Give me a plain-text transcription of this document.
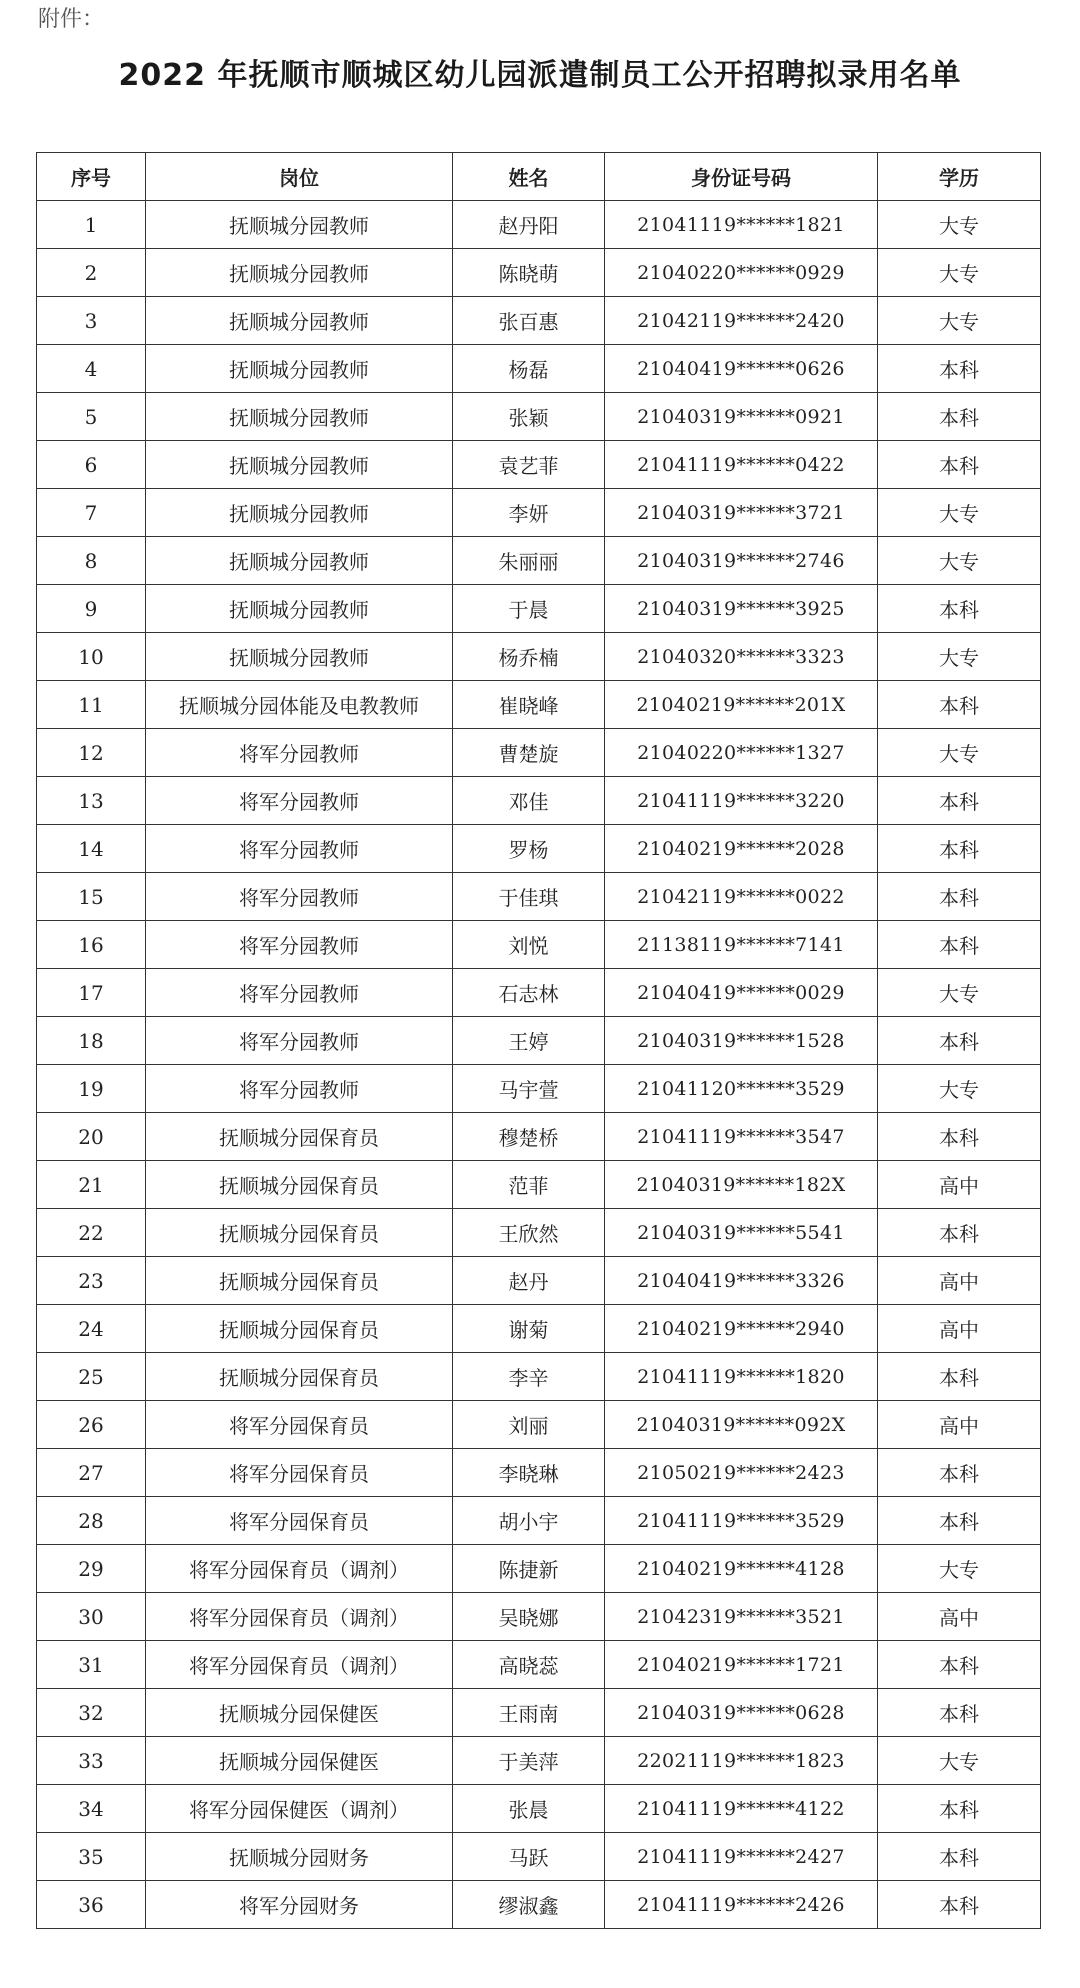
附件：
2022 年抚顺市顺城区幼儿园派遣制员工公开招聘拟录用名单
序号	岗位	姓名	身份证号码	学历
1	抚顺城分园教师	赵丹阳	21041119******1821	大专
2	抚顺城分园教师	陈晓萌	21040220******0929	大专
3	抚顺城分园教师	张百惠	21042119******2420	大专
4	抚顺城分园教师	杨磊	21040419******0626	本科
5	抚顺城分园教师	张颖	21040319******0921	本科
6	抚顺城分园教师	袁艺菲	21041119******0422	本科
7	抚顺城分园教师	李妍	21040319******3721	大专
8	抚顺城分园教师	朱丽丽	21040319******2746	大专
9	抚顺城分园教师	于晨	21040319******3925	本科
10	抚顺城分园教师	杨乔楠	21040320******3323	大专
11	抚顺城分园体能及电教教师	崔晓峰	21040219******201X	本科
12	将军分园教师	曹楚旋	21040220******1327	大专
13	将军分园教师	邓佳	21041119******3220	本科
14	将军分园教师	罗杨	21040219******2028	本科
15	将军分园教师	于佳琪	21042119******0022	本科
16	将军分园教师	刘悦	21138119******7141	本科
17	将军分园教师	石志林	21040419******0029	大专
18	将军分园教师	王婷	21040319******1528	本科
19	将军分园教师	马宇萱	21041120******3529	大专
20	抚顺城分园保育员	穆楚桥	21041119******3547	本科
21	抚顺城分园保育员	范菲	21040319******182X	高中
22	抚顺城分园保育员	王欣然	21040319******5541	本科
23	抚顺城分园保育员	赵丹	21040419******3326	高中
24	抚顺城分园保育员	谢菊	21040219******2940	高中
25	抚顺城分园保育员	李辛	21041119******1820	本科
26	将军分园保育员	刘丽	21040319******092X	高中
27	将军分园保育员	李晓琳	21050219******2423	本科
28	将军分园保育员	胡小宇	21041119******3529	本科
29	将军分园保育员（调剂）	陈捷新	21040219******4128	大专
30	将军分园保育员（调剂）	吴晓娜	21042319******3521	高中
31	将军分园保育员（调剂）	高晓蕊	21040219******1721	本科
32	抚顺城分园保健医	王雨南	21040319******0628	本科
33	抚顺城分园保健医	于美萍	22021119******1823	大专
34	将军分园保健医（调剂）	张晨	21041119******4122	本科
35	抚顺城分园财务	马跃	21041119******2427	本科
36	将军分园财务	缪淑鑫	21041119******2426	本科
